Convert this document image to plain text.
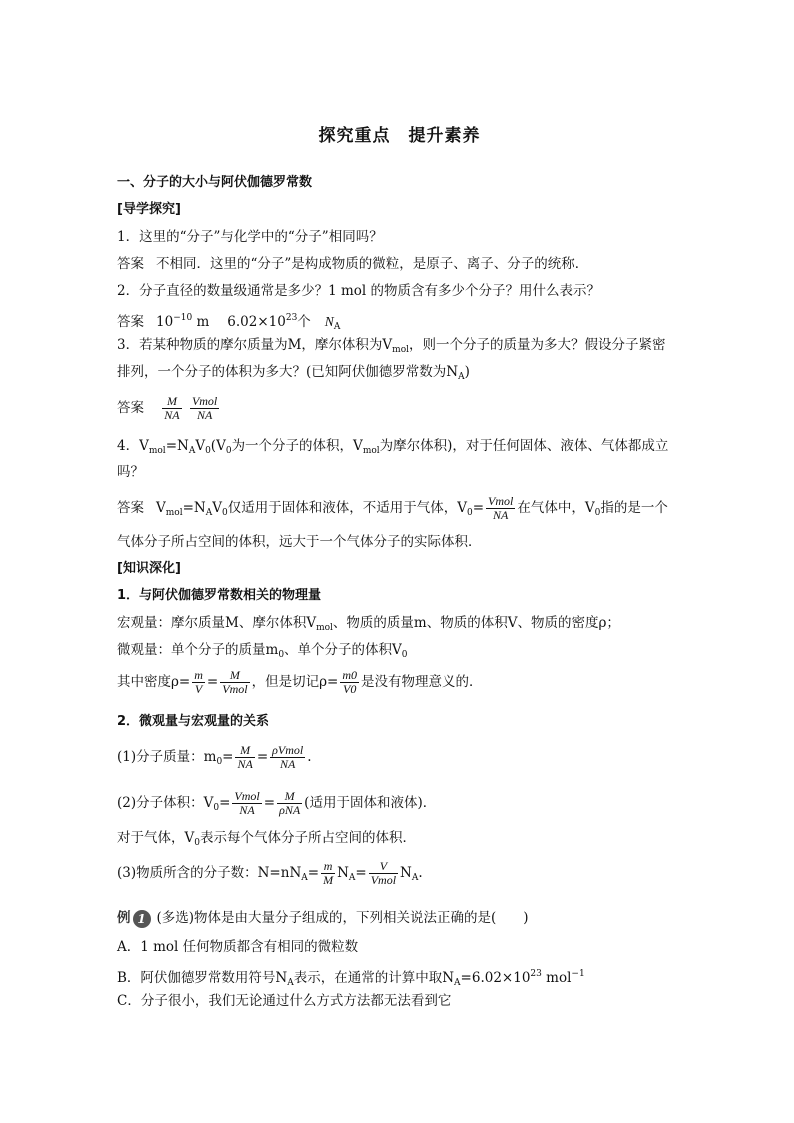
探究重点 提升素养
一、分子的大小与阿伏伽德罗常数
[导学探究]
1．这里的“分子”与化学中的“分子”相同吗？
答案 不相同．这里的“分子”是构成物质的微粒，是原子、离子、分子的统称．
2．分子直径的数量级通常是多少？1 mol 的物质含有多少个分子？用什么表示？
答案 $10^{-10}$ m $6.02\times 10^{23}$个 $N_A$
3．若某种物质的摩尔质量为M，摩尔体积为$V_{mol}$，则一个分子的质量为多大？假设分子紧密
排列，一个分子的体积为多大？(已知阿伏伽德罗常数为$N_A$)
答案 $\frac{M}{NA}$
$\frac{\text{Vmol}}{NA}$
4．$V_{mol}=N_AV_0(V_0$为一个分子的体积，$V_{mol}$为摩尔体积)，对于任何固体、液体、气体都成立
吗？
答案 $V_{mol}=N_AV_0$仅适用于固体和液体，不适用于气体，$V_0= \frac{\text{Vmol}}{NA}$ 在气体中，$V_0$指的是一个
气体分子所占空间的体积，远大于一个气体分子的实际体积．
[知识深化]
1．与阿伏伽德罗常数相关的物理量
宏观量：摩尔质量M、摩尔体积$V_{mol}$、物质的质量m、物质的体积V、物质的密度ρ；
微观量：单个分子的质量$m_0$、单个分子的体积$V_0$
其中密度$\rho= \frac{m}{V} = \frac{M}{\text{Vmol}}$ ，但是切记$\rho= \frac{m0}{V0}$ 是没有物理意义的．
2．微观量与宏观量的关系
(1)分子质量：$m_0= \frac{M}{NA} = \frac{\text{ρVmol}}{NA}$ .
(2)分子体积：$V_0= \frac{\text{Vmol}}{NA} = \frac{M}{\text{ρNA}}$ (适用于固体和液体)．
对于气体，$V_0$表示每个气体分子所占空间的体积．
(3)物质所含的分子数：$N=nN_A= \frac{m}{M} N_A= \frac{V}{\text{Vmol}} N_A$.
例 1 (多选)物体是由大量分子组成的，下列相关说法正确的是(　　)
A．1 mol 任何物质都含有相同的微粒数
B．阿伏伽德罗常数用符号$N_A$表示，在通常的计算中取$N_A=6.02\times 10^{23}$ mol$^{-1}$
C．分子很小，我们无论通过什么方式方法都无法看到它
